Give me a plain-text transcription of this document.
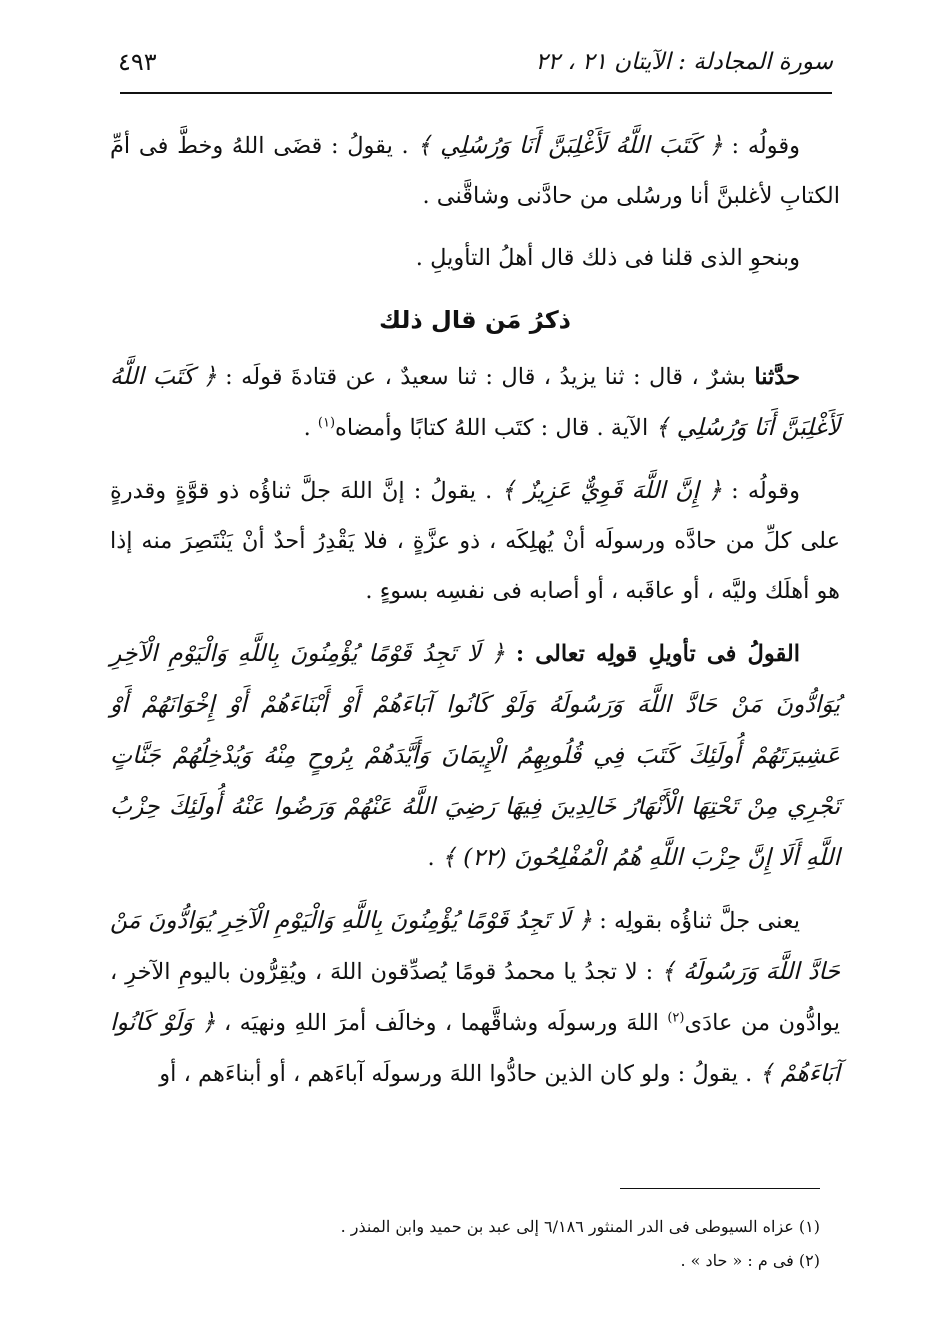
سورة المجادلة : الآيتان ٢١ ، ٢٢
٤٩٣

وقولُه : ﴿ كَتَبَ اللَّهُ لَأَغْلِبَنَّ أَنَا وَرُسُلِي ﴾ . يقولُ : قضَى اللهُ وخطَّ فى أمِّ الكتابِ لأغلبنَّ أنا ورسُلى من حادَّنى وشاقَّنى .

وبنحوِ الذى قلنا فى ذلك قال أهلُ التأويلِ .

ذكرُ مَن قال ذلك

حدَّثنا بشرٌ ، قال : ثنا يزيدُ ، قال : ثنا سعيدٌ ، عن قتادةَ قولَه : ﴿ كَتَبَ اللَّهُ لَأَغْلِبَنَّ أَنَا وَرُسُلِي ﴾ الآية . قال : كتَب اللهُ كتابًا وأمضاه$^{(١)}$ .

وقولُه : ﴿ إِنَّ اللَّهَ قَوِيٌّ عَزِيزٌ ﴾ . يقولُ : إنَّ اللهَ جلَّ ثناؤُه ذو قوَّةٍ وقدرةٍ على كلِّ من حادَّه ورسولَه أنْ يُهلِكَه ، ذو عزَّةٍ ، فلا يَقْدِرُ أحدٌ أنْ يَنْتَصِرَ منه إذا هو أهلَك وليَّه ، أو عاقَبه ، أو أصابه فى نفسِه بسوءٍ .

القولُ فى تأويلِ قولِه تعالى : ﴿ لَا تَجِدُ قَوْمًا يُؤْمِنُونَ بِاللَّهِ وَالْيَوْمِ الْآخِرِ يُوَادُّونَ مَنْ حَادَّ اللَّهَ وَرَسُولَهُ وَلَوْ كَانُوا آبَاءَهُمْ أَوْ أَبْنَاءَهُمْ أَوْ إِخْوَانَهُمْ أَوْ عَشِيرَتَهُمْ أُولَئِكَ كَتَبَ فِي قُلُوبِهِمُ الْإِيمَانَ وَأَيَّدَهُمْ بِرُوحٍ مِنْهُ وَيُدْخِلُهُمْ جَنَّاتٍ تَجْرِي مِنْ تَحْتِهَا الْأَنْهَارُ خَالِدِينَ فِيهَا رَضِيَ اللَّهُ عَنْهُمْ وَرَضُوا عَنْهُ أُولَئِكَ حِزْبُ اللَّهِ أَلَا إِنَّ حِزْبَ اللَّهِ هُمُ الْمُفْلِحُونَ (٢٢) ﴾ .

يعنى جلَّ ثناؤُه بقولِه : ﴿ لَا تَجِدُ قَوْمًا يُؤْمِنُونَ بِاللَّهِ وَالْيَوْمِ الْآخِرِ يُوَادُّونَ مَنْ حَادَّ اللَّهَ وَرَسُولَهُ ﴾ : لا تجدُ يا محمدُ قومًا يُصدِّقون اللهَ ، ويُقِرُّون باليومِ الآخرِ ، يوادُّون من عادَى$^{(٢)}$ اللهَ ورسولَه وشاقَّهما ، وخالَف أمرَ اللهِ ونهيَه ، ﴿ وَلَوْ كَانُوا آبَاءَهُمْ ﴾ . يقولُ : ولو كان الذين حادُّوا اللهَ ورسولَه آباءَهم ، أو أبناءَهم ، أو

(١) عزاه السيوطى فى الدر المنثور ٦/١٨٦ إلى عبد بن حميد وابن المنذر .

(٢) فى م : « حاد » .
